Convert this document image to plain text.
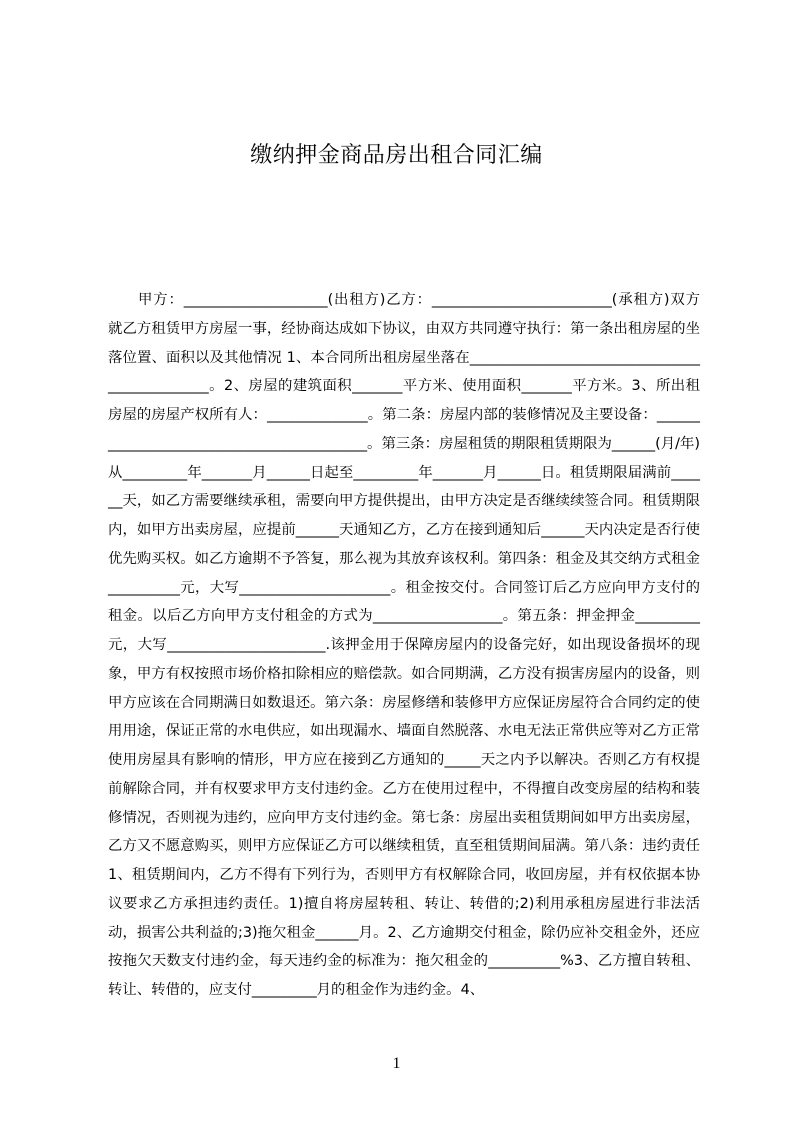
缴纳押金商品房出租合同汇编

甲方：____________________(出租方)乙方：_________________________(承租方)双方就乙方租赁甲方房屋一事，经协商达成如下协议，由双方共同遵守执行：第一条出租房屋的坐落位置、面积以及其他情况 1、本合同所出租房屋坐落在______________________________________________。2、房屋的建筑面积_______平方米、使用面积_______平方米。3、所出租房屋的房屋产权所有人：______________。第二条：房屋内部的装修情况及主要设备：__________________________________________。第三条：房屋租赁的期限租赁期限为______(月/年)从_________年_______月______日起至_________年_______月______日。租赁期限届满前______天，如乙方需要继续承租，需要向甲方提供提出，由甲方决定是否继续续签合同。租赁期限内，如甲方出卖房屋，应提前______天通知乙方，乙方在接到通知后______天内决定是否行使优先购买权。如乙方逾期不予答复，那么视为其放弃该权利。第四条：租金及其交纳方式租金__________元，大写_____________________。租金按交付。合同签订后乙方应向甲方支付的租金。以后乙方向甲方支付租金的方式为__________________。第五条：押金押金_________元，大写______________________.该押金用于保障房屋内的设备完好，如出现设备损坏的现象，甲方有权按照市场价格扣除相应的赔偿款。如合同期满，乙方没有损害房屋内的设备，则甲方应该在合同期满日如数退还。第六条：房屋修缮和装修甲方应保证房屋符合合同约定的使用用途，保证正常的水电供应，如出现漏水、墙面自然脱落、水电无法正常供应等对乙方正常使用房屋具有影响的情形，甲方应在接到乙方通知的_____天之内予以解决。否则乙方有权提前解除合同，并有权要求甲方支付违约金。乙方在使用过程中，不得擅自改变房屋的结构和装修情况，否则视为违约，应向甲方支付违约金。第七条：房屋出卖租赁期间如甲方出卖房屋，乙方又不愿意购买，则甲方应保证乙方可以继续租赁，直至租赁期间届满。第八条：违约责任 1、租赁期间内，乙方不得有下列行为，否则甲方有权解除合同，收回房屋，并有权依据本协议要求乙方承担违约责任。1)擅自将房屋转租、转让、转借的;2)利用承租房屋进行非法活动，损害公共利益的;3)拖欠租金______月。2、乙方逾期交付租金，除仍应补交租金外，还应按拖欠天数支付违约金，每天违约金的标准为：拖欠租金的__________%3、乙方擅自转租、转让、转借的，应支付_________月的租金作为违约金。4、

1
